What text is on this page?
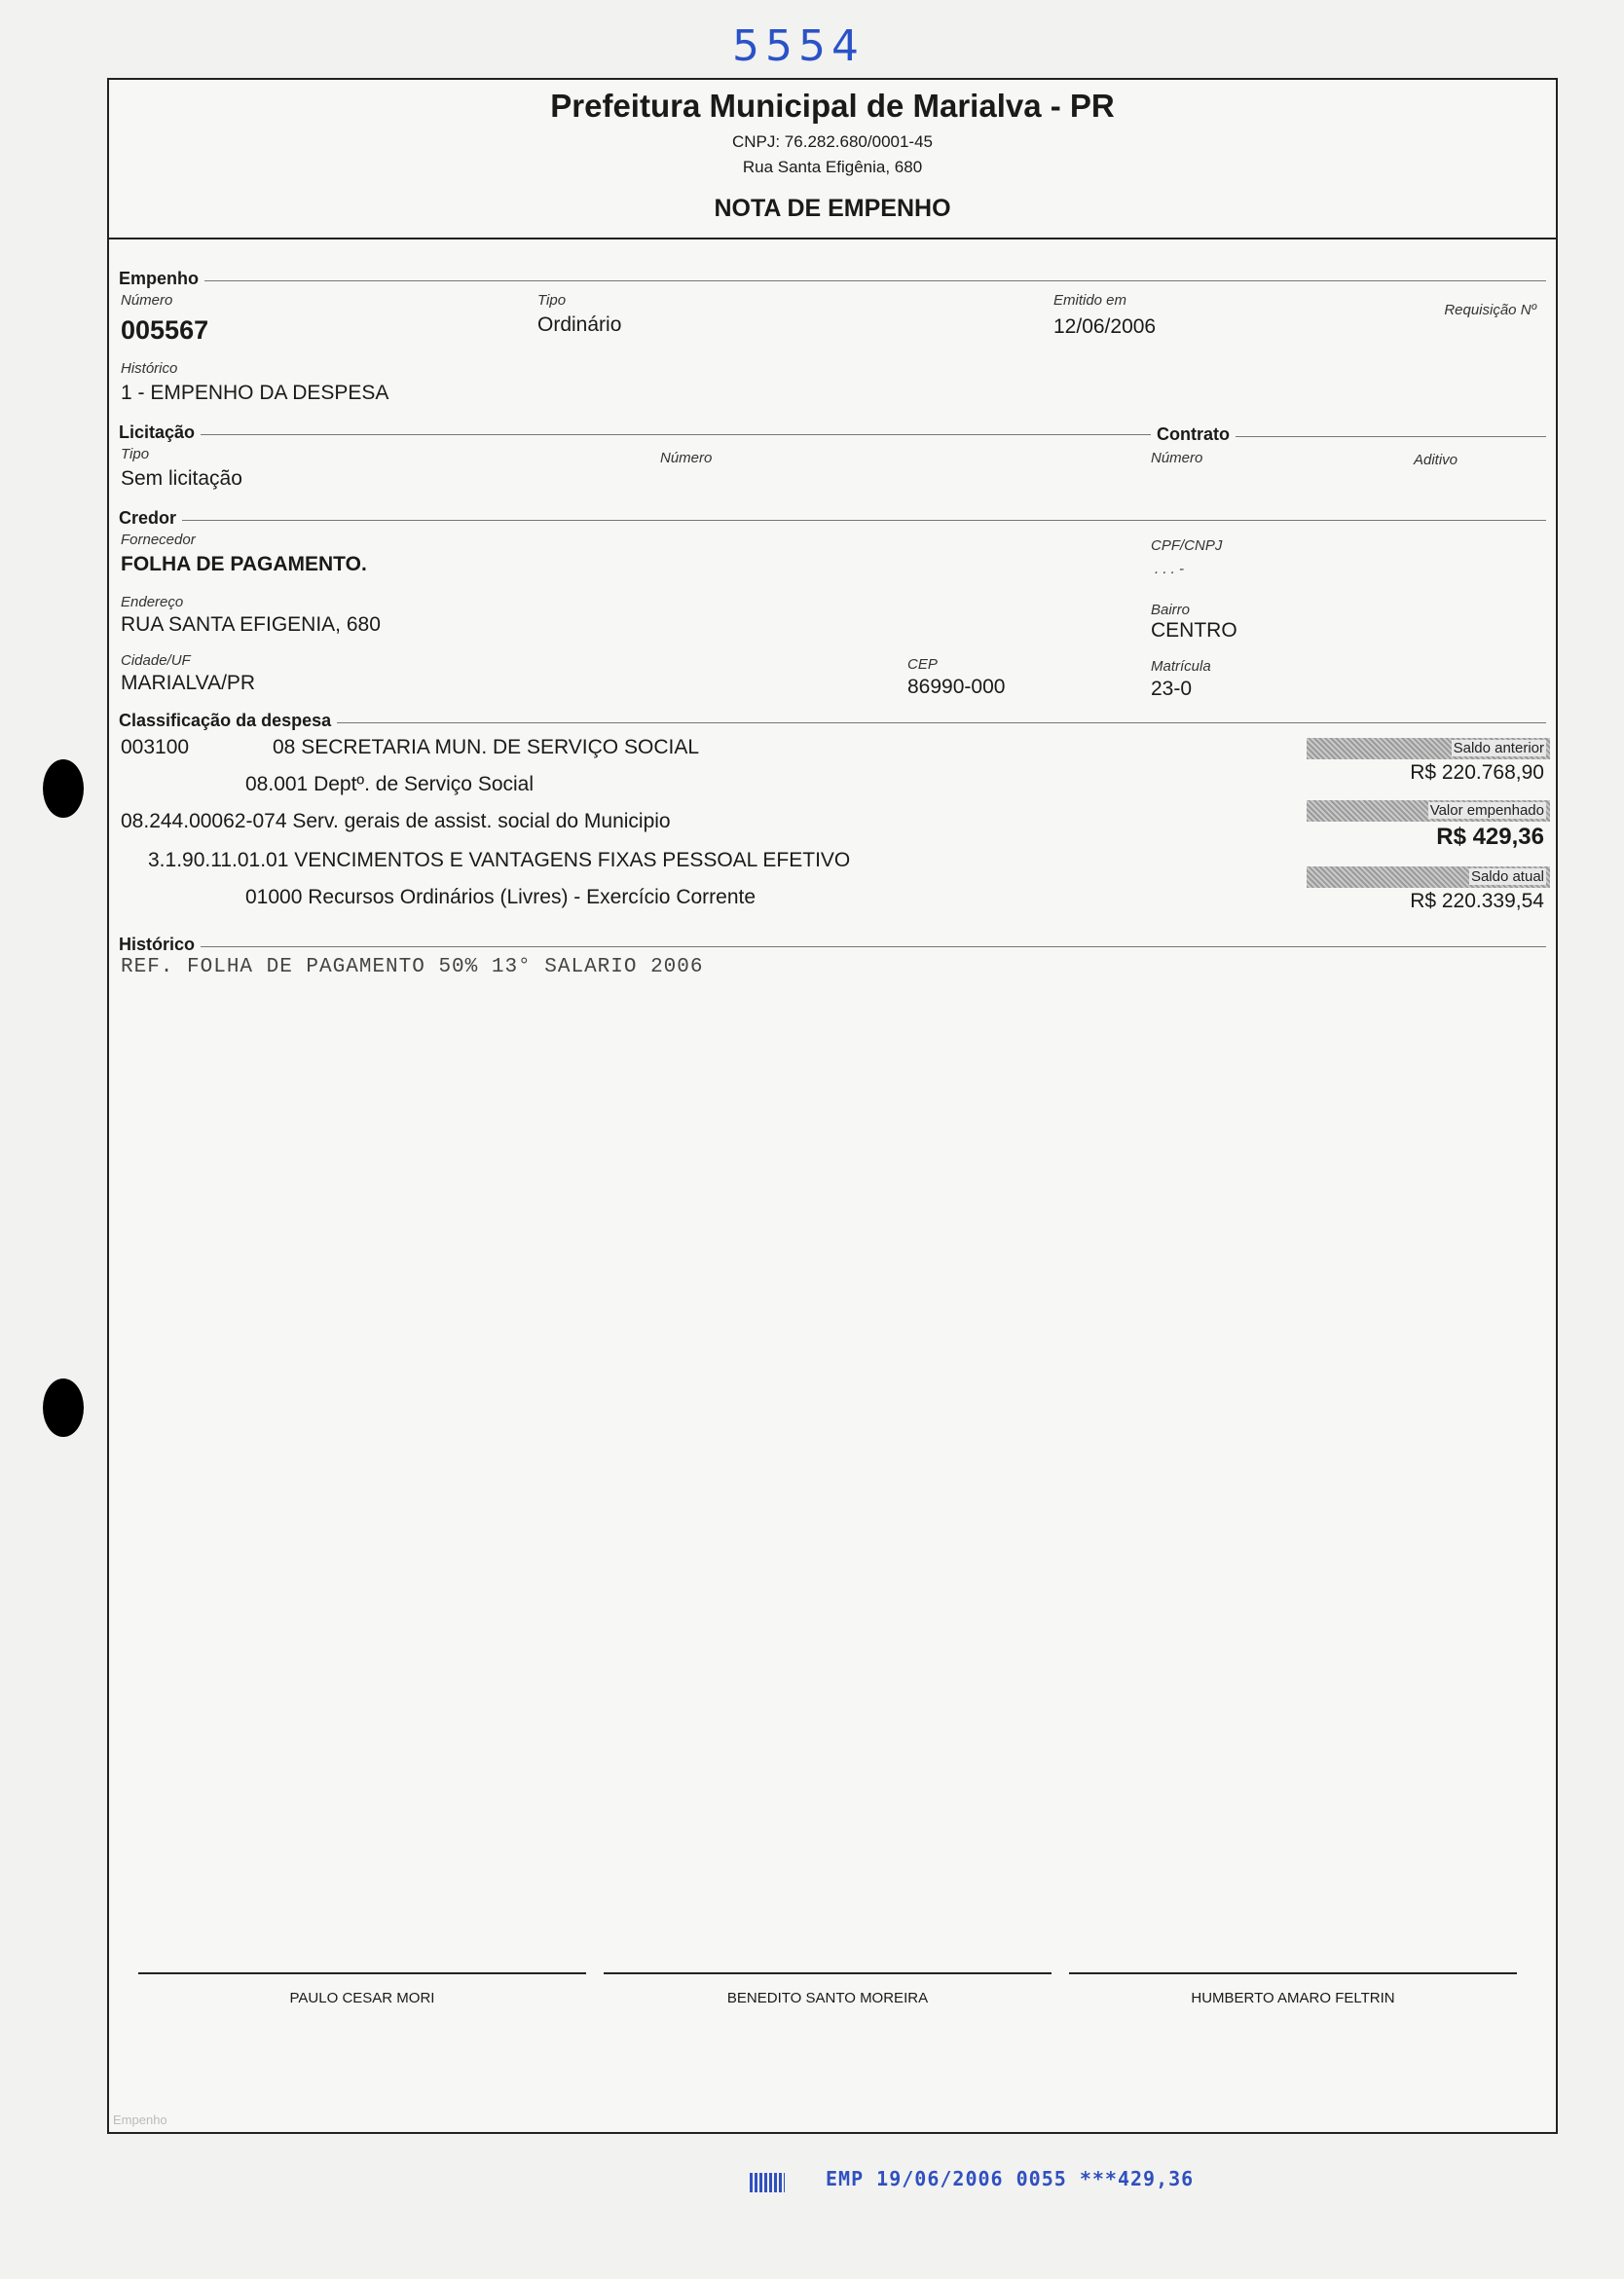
5554
Prefeitura Municipal de Marialva - PR
CNPJ: 76.282.680/0001-45
Rua Santa Efigênia, 680
NOTA DE EMPENHO
Empenho
Número
005567
Tipo
Ordinário
Emitido em
12/06/2006
Requisição Nº
Histórico
1 - EMPENHO DA DESPESA
Licitação	Contrato
Tipo
Sem licitação
Número	Número	Aditivo
Credor
Fornecedor
FOLHA DE PAGAMENTO.
CPF/CNPJ
. . . -
Endereço
RUA SANTA EFIGENIA, 680
Bairro
CENTRO
Cidade/UF
MARIALVA/PR
CEP
86990-000
Matrícula
23-0
Classificação da despesa
003100	08 SECRETARIA MUN. DE SERVIÇO SOCIAL
08.001 Deptº. de Serviço Social
08.244.00062-074 Serv. gerais de assist. social do Municipio
3.1.90.11.01.01 VENCIMENTOS E VANTAGENS FIXAS PESSOAL EFETIVO
01000 Recursos Ordinários (Livres) - Exercício Corrente
Saldo anterior
R$ 220.768,90
Valor empenhado
R$ 429,36
Saldo atual
R$ 220.339,54
Histórico
REF. FOLHA DE PAGAMENTO 50% 13° SALARIO 2006
PAULO CESAR MORI	BENEDITO SANTO MOREIRA	HUMBERTO AMARO FELTRIN
Empenho
EMP 19/06/2006 0055 ***429,36
